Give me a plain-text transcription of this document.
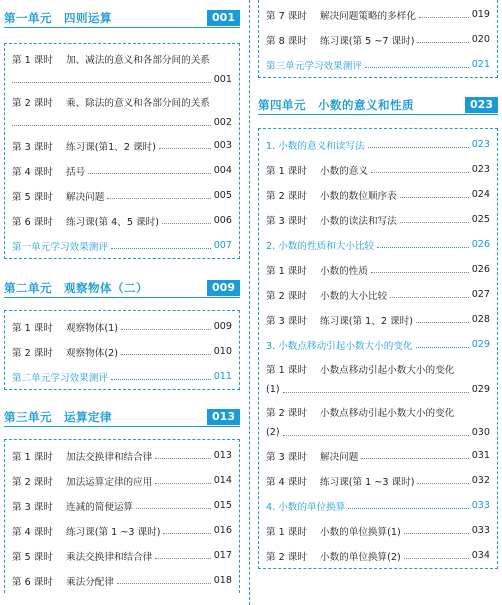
第一单元　四则运算	001
第 1 课时	加、减法的意义和各部分间的关系
001
第 2 课时	乘、除法的意义和各部分间的关系
002
第 3 课时	练习课(第1、2 课时)	003
第 4 课时	括号	004
第 5 课时	解决问题	005
第 6 课时	练习课(第 4、5 课时)	006
第一单元学习效果测评	007
第二单元　观察物体（二）	009
第 1 课时	观察物体(1)	009
第 2 课时	观察物体(2)	010
第二单元学习效果测评	011
第三单元　运算定律	013
第 1 课时	加法交换律和结合律	013
第 2 课时	加法运算定律的应用	014
第 3 课时	连减的简便运算	015
第 4 课时	练习课(第 1 ~3 课时)	016
第 5 课时	乘法交换律和结合律	017
第 6 课时	乘法分配律	018
第 7 课时	解决问题策略的多样化	019
第 8 课时	练习课(第 5 ~7 课时)	020
第三单元学习效果测评	021
第四单元　小数的意义和性质	023
1. 小数的意义和读写法	023
第 1 课时	小数的意义	023
第 2 课时	小数的数位顺序表	024
第 3 课时	小数的读法和写法	025
2. 小数的性质和大小比较	026
第 1 课时	小数的性质	026
第 2 课时	小数的大小比较	027
第 3 课时	练习课(第 1、2 课时)	028
3. 小数点移动引起小数大小的变化	029
第 1 课时	小数点移动引起小数大小的变化
(1)	029
第 2 课时	小数点移动引起小数大小的变化
(2)	030
第 3 课时	解决问题	031
第 4 课时	练习课(第 1 ~3 课时)	032
4. 小数的单位换算	033
第 1 课时	小数的单位换算(1)	033
第 2 课时	小数的单位换算(2)	034
